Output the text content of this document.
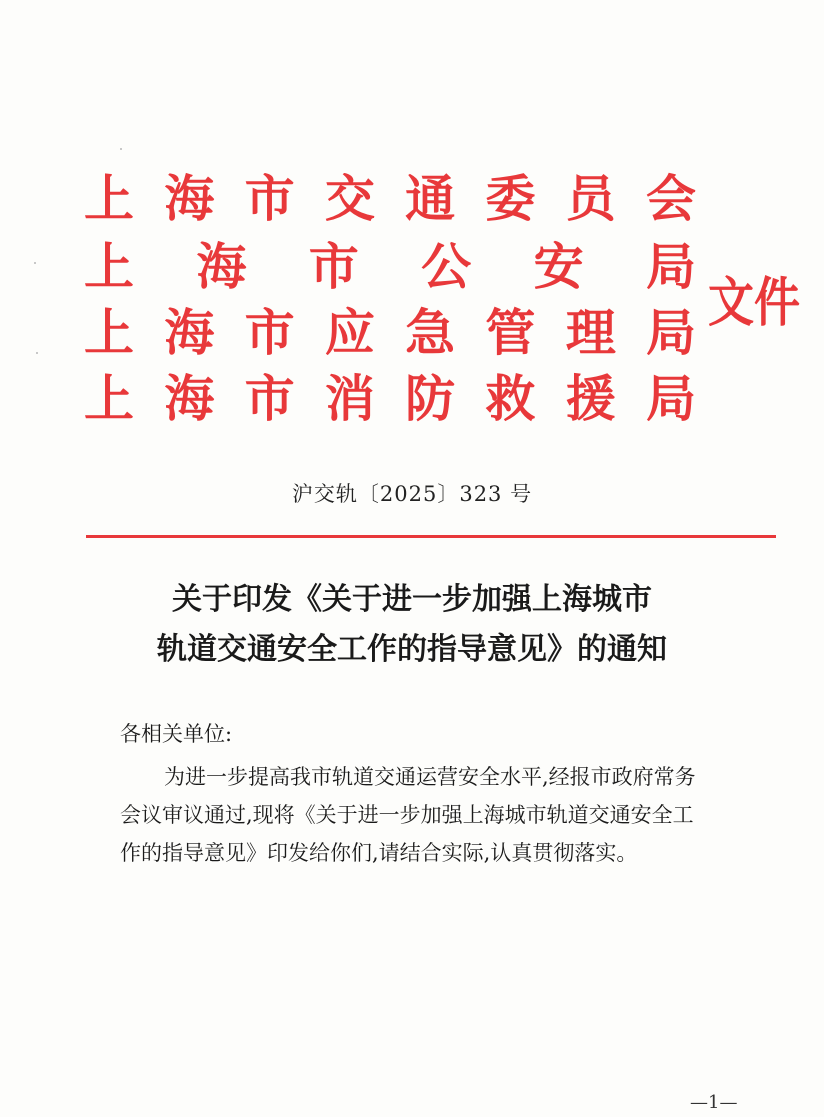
上 海 市 交 通 委 员 会
上 海 市 公 安 局
上 海 市 应 急 管 理 局
上 海 市 消 防 救 援 局
文件
沪交轨〔2025〕323 号
关于印发《关于进一步加强上海城市
轨道交通安全工作的指导意见》的通知
各相关单位:
为进一步提高我市轨道交通运营安全水平,经报市政府常务
会议审议通过,现将《关于进一步加强上海城市轨道交通安全工
作的指导意见》印发给你们,请结合实际,认真贯彻落实。
—1—
